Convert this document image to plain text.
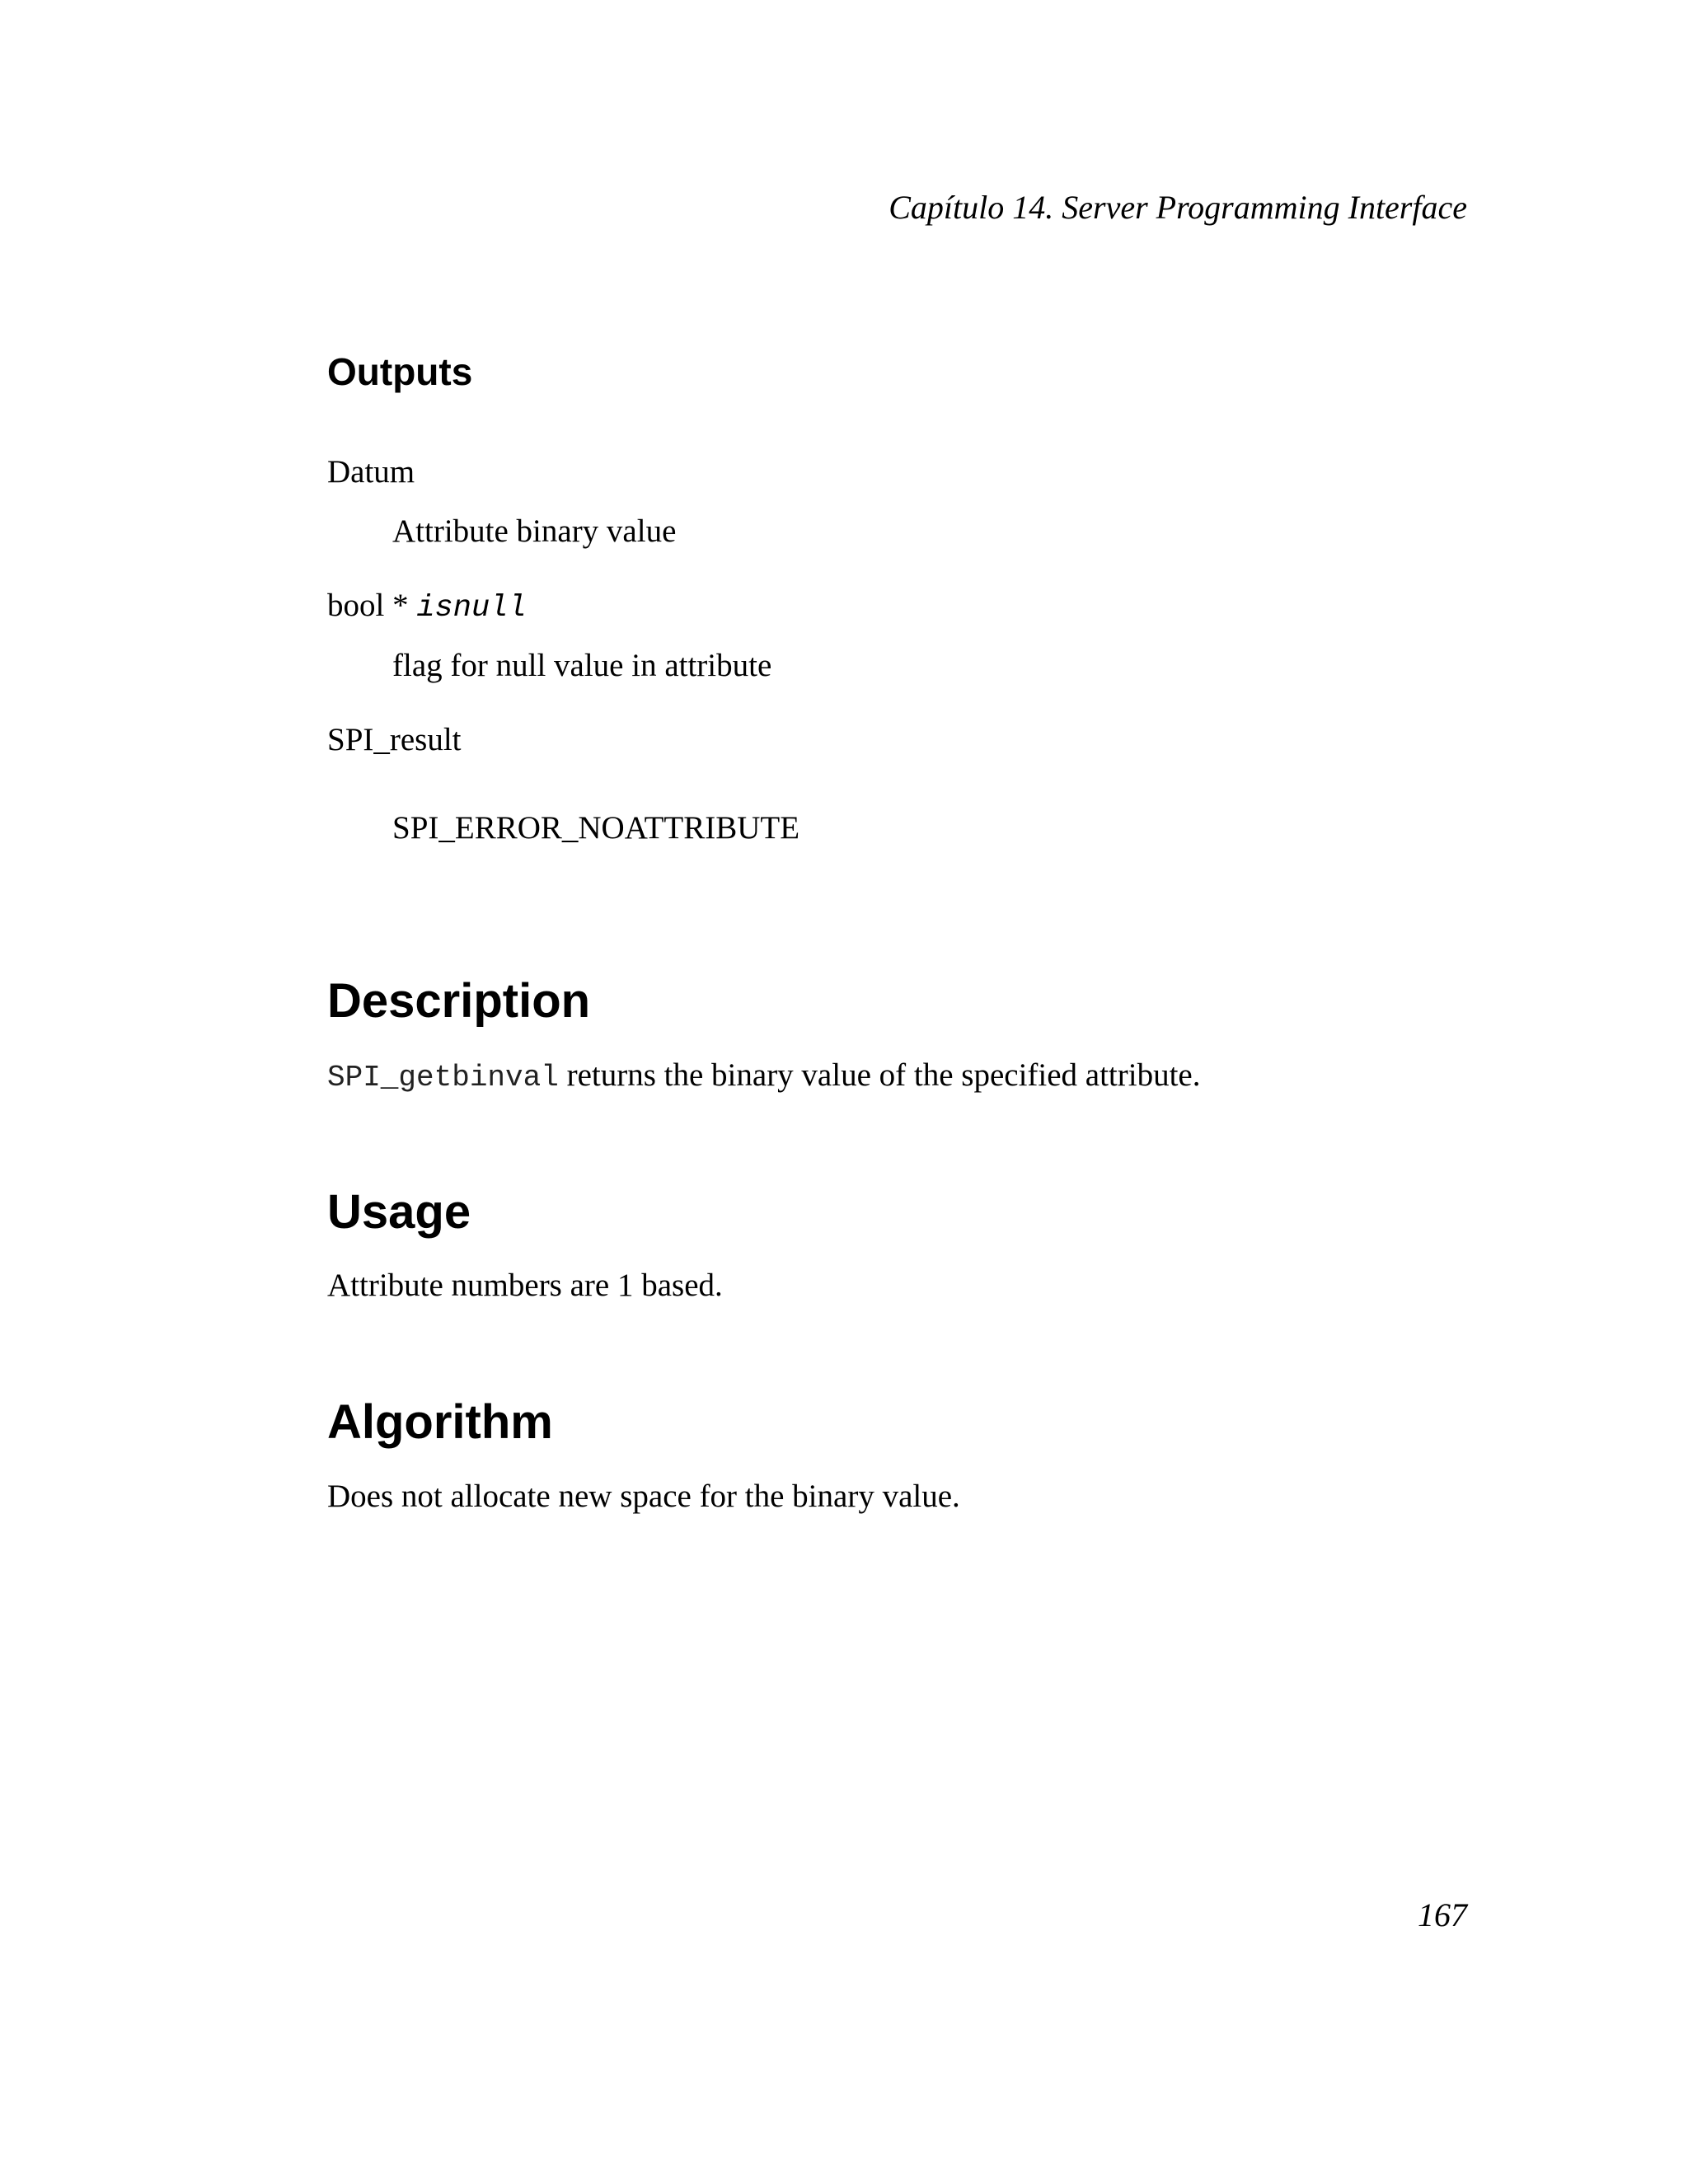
Capítulo 14. Server Programming Interface
Outputs
Datum
Attribute binary value
bool * isnull
flag for null value in attribute
SPI_result
SPI_ERROR_NOATTRIBUTE
Description
SPI_getbinval returns the binary value of the specified attribute.
Usage
Attribute numbers are 1 based.
Algorithm
Does not allocate new space for the binary value.
167
